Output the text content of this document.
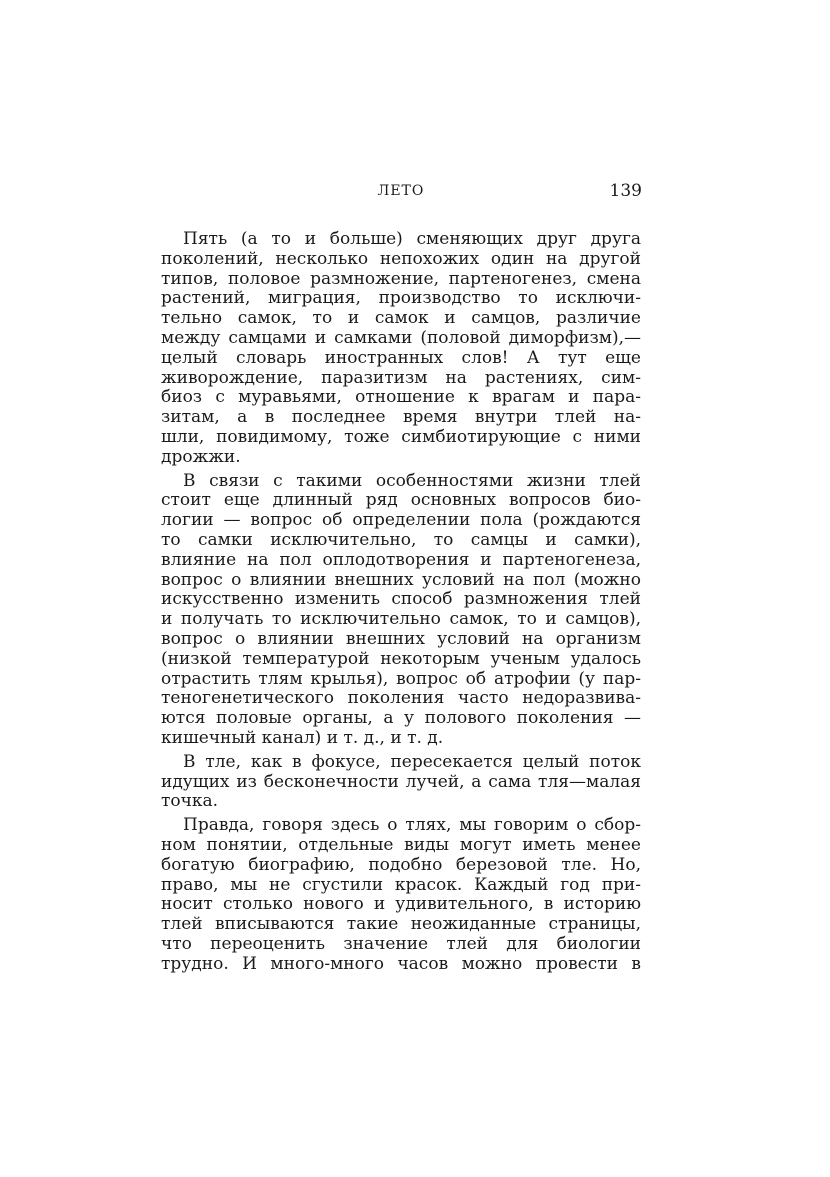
ЛЕТО	139
Пять (а то и больше) сменяющих друг друга
поколений, несколько непохожих один на другой
типов, половое размножение, партеногенез, смена
растений, миграция, производство то исключи-
тельно самок, то и самок и самцов, различие
между самцами и самками (половой диморфизм),—
целый словарь иностранных слов! А тут еще
живорождение, паразитизм на растениях, сим-
биоз с муравьями, отношение к врагам и пара-
зитам, а в последнее время внутри тлей на-
шли, повидимому, тоже симбиотирующие с ними
дрожжи.
В связи с такими особенностями жизни тлей
стоит еще длинный ряд основных вопросов био-
логии — вопрос об определении пола (рождаются
то самки исключительно, то самцы и самки),
влияние на пол оплодотворения и партеногенеза,
вопрос о влиянии внешних условий на пол (можно
искусственно изменить способ размножения тлей
и получать то исключительно самок, то и самцов),
вопрос о влиянии внешних условий на организм
(низкой температурой некоторым ученым удалось
отрастить тлям крылья), вопрос об атрофии (у пар-
теногенетического поколения часто недоразвива-
ются половые органы, а у полового поколения —
кишечный канал) и т. д., и т. д.
В тле, как в фокусе, пересекается целый поток
идущих из бесконечности лучей, а сама тля—малая
точка.
Правда, говоря здесь о тлях, мы говорим о сбор-
ном понятии, отдельные виды могут иметь менее
богатую биографию, подобно березовой тле. Но,
право, мы не сгустили красок. Каждый год при-
носит столько нового и удивительного, в историю
тлей вписываются такие неожиданные страницы,
что переоценить значение тлей для биологии
трудно. И много-много часов можно провести в
